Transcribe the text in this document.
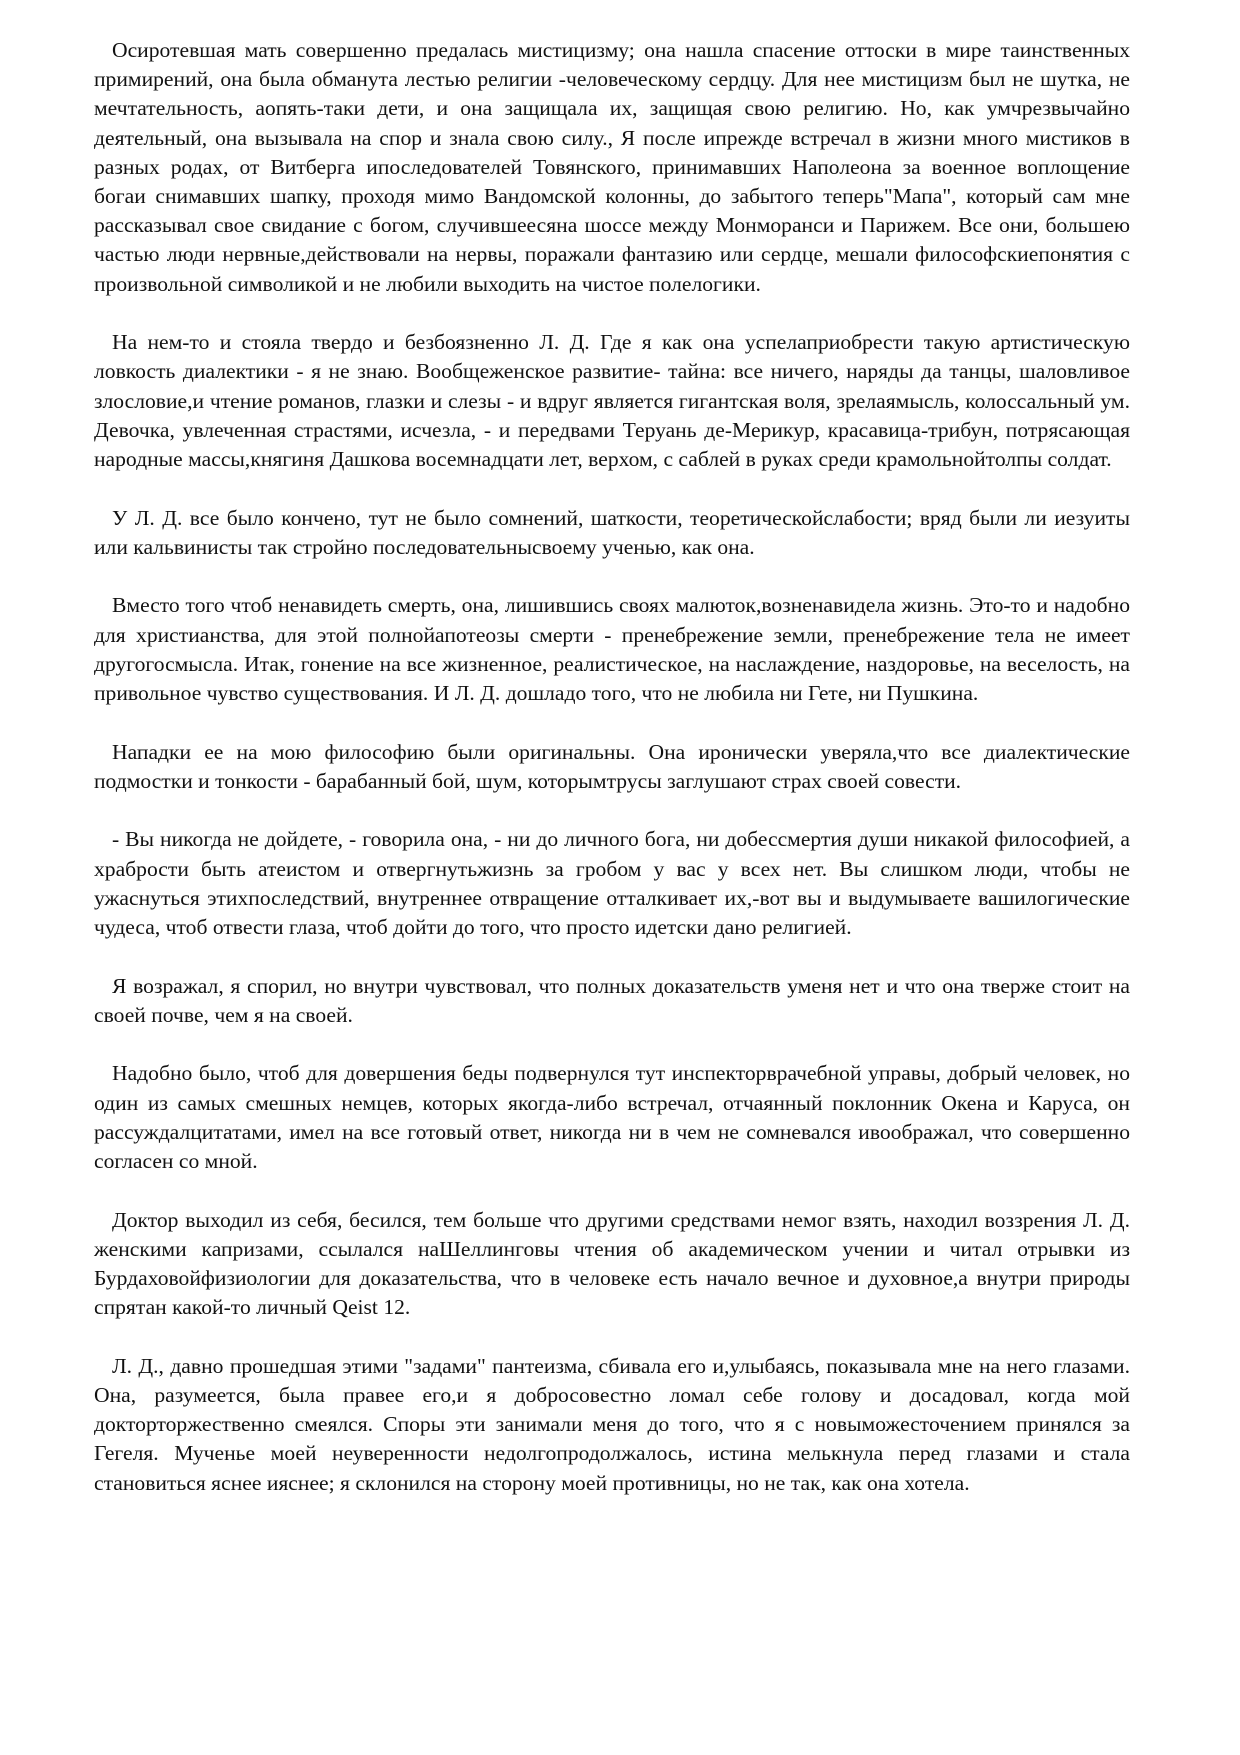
Осиротевшая мать совершенно предалась мистицизму; она нашла спасение оттоски в мире таинственных примирений, она была обманута лестью религии -человеческому сердцу. Для нее мистицизм был не шутка, не мечтательность, аопять-таки дети, и она защищала их, защищая свою религию. Но, как умчрезвычайно деятельный, она вызывала на спор и знала свою силу., Я после ипрежде встречал в жизни много мистиков в разных родах, от Витберга ипоследователей Товянского, принимавших Наполеона за военное воплощение богаи снимавших шапку, проходя мимо Вандомской колонны, до забытого теперь"Мапа", который сам мне рассказывал свое свидание с богом, случившеесяна шоссе между Монморанси и Парижем. Все они, большею частью люди нервные,действовали на нервы, поражали фантазию или сердце, мешали философскиепонятия с произвольной символикой и не любили выходить на чистое полелогики.

На нем-то и стояла твердо и безбоязненно Л. Д. Где я как она успелаприобрести такую артистическую ловкость диалектики - я не знаю. Вообщеженское развитие- тайна: все ничего, наряды да танцы, шаловливое злословие,и чтение романов, глазки и слезы - и вдруг является гигантская воля, зрелаямысль, колоссальный ум. Девочка, увлеченная страстями, исчезла, - и передвами Теруань де-Мерикур, красавица-трибун, потрясающая народные массы,княгиня Дашкова восемнадцати лет, верхом, с саблей в руках среди крамольнойтолпы солдат.

У Л. Д. все было кончено, тут не было сомнений, шаткости, теоретическойслабости; вряд были ли иезуиты или кальвинисты так стройно последовательнысвоему ученью, как она.

Вместо того чтоб ненавидеть смерть, она, лишившись своях малюток,возненавидела жизнь. Это-то и надобно для христианства, для этой полнойапотеозы смерти - пренебрежение земли, пренебрежение тела не имеет другогосмысла. Итак, гонение на все жизненное, реалистическое, на наслаждение, наздоровье, на веселость, на привольное чувство существования. И Л. Д. дошладо того, что не любила ни Гете, ни Пушкина.

Нападки ее на мою философию были оригинальны. Она иронически уверяла,что все диалектические подмостки и тонкости - барабанный бой, шум, которымтрусы заглушают страх своей совести.

- Вы никогда не дойдете, - говорила она, - ни до личного бога, ни добессмертия души никакой философией, а храбрости быть атеистом и отвергнутьжизнь за гробом у вас у всех нет. Вы слишком люди, чтобы не ужаснуться этихпоследствий, внутреннее отвращение отталкивает их,-вот вы и выдумываете вашилогические чудеса, чтоб отвести глаза, чтоб дойти до того, что просто идетски дано религией.

Я возражал, я спорил, но внутри чувствовал, что полных доказательств уменя нет и что она тверже стоит на своей почве, чем я на своей.

Надобно было, чтоб для довершения беды подвернулся тут инспекторврачебной управы, добрый человек, но один из самых смешных немцев, которых якогда-либо встречал, отчаянный поклонник Окена и Каруса, он рассуждалцитатами, имел на все готовый ответ, никогда ни в чем не сомневался ивоображал, что совершенно согласен со мной.

Доктор выходил из себя, бесился, тем больше что другими средствами немог взять, находил воззрения Л. Д. женскими капризами, ссылался наШеллинговы чтения об академическом учении и читал отрывки из Бурдаховойфизиологии для доказательства, что в человеке есть начало вечное и духовное,а внутри природы спрятан какой-то личный Qeist 12.

Л. Д., давно прошедшая этими "задами" пантеизма, сбивала его и,улыбаясь, показывала мне на него глазами. Она, разумеется, была правее его,и я добросовестно ломал себе голову и досадовал, когда мой докторторжественно смеялся. Споры эти занимали меня до того, что я с новыможесточением принялся за Гегеля. Мученье моей неуверенности недолгопродолжалось, истина мелькнула перед глазами и стала становиться яснее ияснее; я склонился на сторону моей противницы, но не так, как она хотела.
